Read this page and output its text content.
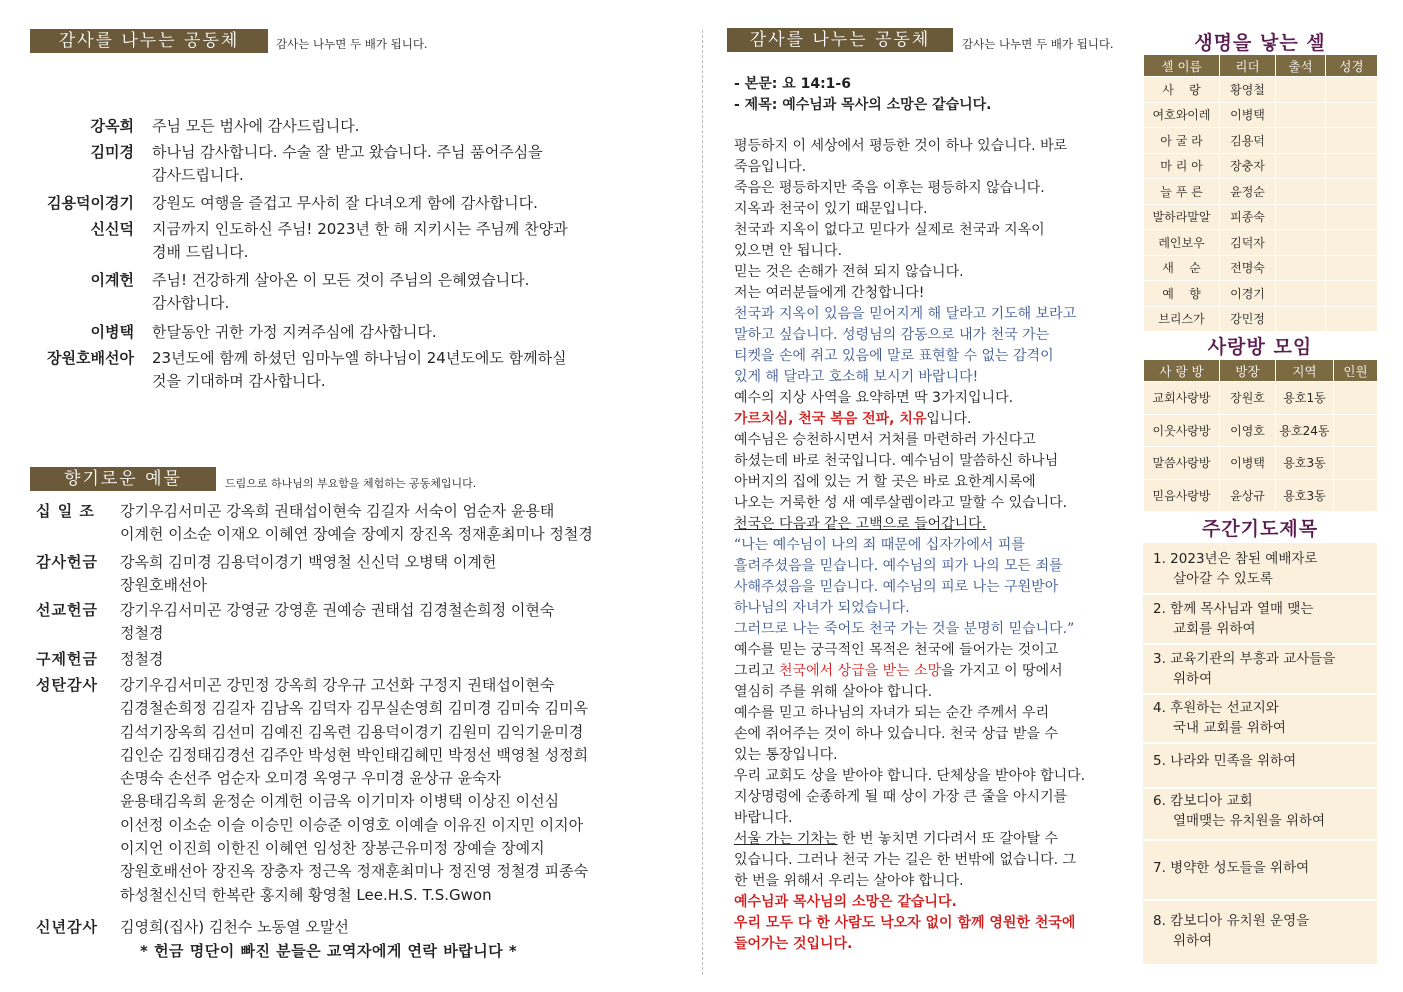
감사를 나누는 공동체	감사는 나누면 두 배가 됩니다.
강옥희 주님 모든 범사에 감사드립니다.
김미경 하나님 감사합니다. 수술 잘 받고 왔습니다. 주님 품어주심을
감사드립니다.
김용덕이경기 강원도 여행을 즐겁고 무사히 잘 다녀오게 함에 감사합니다.
신신덕 지금까지 인도하신 주님! 2023년 한 해 지키시는 주님께 찬양과
경배 드립니다.
이계헌 주님! 건강하게 살아온 이 모든 것이 주님의 은혜였습니다.
감사합니다.
이병택 한달동안 귀한 가정 지켜주심에 감사합니다.
장원호배선아 23년도에 함께 하셨던 임마누엘 하나님이 24년도에도 함께하실
것을 기대하며 감사합니다.
향기로운 예물	드림으로 하나님의 부요함을 체험하는 공동체입니다.
십 일 조	강기우김서미곤 강옥희 권태섭이현숙 김길자 서숙이 엄순자 윤용태
이계헌 이소순 이재오 이혜연 장예슬 장예지 장진옥 정재훈최미나 정철경
감사헌금	강옥희 김미경 김용덕이경기 백영철 신신덕 오병택 이계헌
장원호배선아
선교헌금	강기우김서미곤 강영균 강영훈 권예승 권태섭 김경철손희정 이현숙
정철경
구제헌금	정철경
성탄감사	강기우김서미곤 강민정 강옥희 강우규 고선화 구정지 권태섭이현숙
김경철손희정 김길자 김남옥 김덕자 김무실손영희 김미경 김미숙 김미옥
김석기장옥희 김선미 김예진 김옥련 김용덕이경기 김원미 김익기윤미경
김인순 김정태김경선 김주안 박성현 박인태김혜민 박정선 백영철 성정희
손명숙 손선주 엄순자 오미경 옥영구 우미경 윤상규 윤숙자
윤용태김옥희 윤정순 이계헌 이금옥 이기미자 이병택 이상진 이선심
이선정 이소순 이슬 이승민 이승준 이영호 이예슬 이유진 이지민 이지아
이지언 이진희 이한진 이혜연 임성찬 장봉근유미정 장예슬 장예지
장원호배선아 장진옥 장충자 정근옥 정재훈최미나 정진영 정철경 피종숙
하성철신신덕 한복란 홍지혜 황영철 Lee.H.S. T.S.Gwon
신년감사	김영희(집사) 김천수 노동열 오말선
* 헌금 명단이 빠진 분들은 교역자에게 연락 바랍니다 *
감사를 나누는 공동체	감사는 나누면 두 배가 됩니다.
- 본문: 요 14:1-6
- 제목: 예수님과 목사의 소망은 같습니다.
평등하지 이 세상에서 평등한 것이 하나 있습니다. 바로
죽음입니다.
죽음은 평등하지만 죽음 이후는 평등하지 않습니다.
지옥과 천국이 있기 때문입니다.
천국과 지옥이 없다고 믿다가 실제로 천국과 지옥이
있으면 안 됩니다.
믿는 것은 손해가 전혀 되지 않습니다.
저는 여러분들에게 간청합니다!
천국과 지옥이 있음을 믿어지게 해 달라고 기도해 보라고
말하고 싶습니다. 성령님의 감동으로 내가 천국 가는
티켓을 손에 쥐고 있음에 말로 표현할 수 없는 감격이
있게 해 달라고 호소해 보시기 바랍니다!
예수의 지상 사역을 요약하면 딱 3가지입니다.
가르치심, 천국 복음 전파, 치유입니다.
예수님은 승천하시면서 거처를 마련하러 가신다고
하셨는데 바로 천국입니다. 예수님이 말씀하신 하나님
아버지의 집에 있는 거 할 곳은 바로 요한계시록에
나오는 거룩한 성 새 예루살렘이라고 말할 수 있습니다.
천국은 다음과 같은 고백으로 들어갑니다.
“나는 예수님이 나의 죄 때문에 십자가에서 피를
흘려주셨음을 믿습니다. 예수님의 피가 나의 모든 죄를
사해주셨음을 믿습니다. 예수님의 피로 나는 구원받아
하나님의 자녀가 되었습니다.
그러므로 나는 죽어도 천국 가는 것을 분명히 믿습니다.”
예수를 믿는 궁극적인 목적은 천국에 들어가는 것이고
그리고 천국에서 상급을 받는 소망을 가지고 이 땅에서
열심히 주를 위해 살아야 합니다.
예수를 믿고 하나님의 자녀가 되는 순간 주께서 우리
손에 쥐어주는 것이 하나 있습니다. 천국 상급 받을 수
있는 통장입니다.
우리 교회도 상을 받아야 합니다. 단체상을 받아야 합니다.
지상명령에 순종하게 될 때 상이 가장 큰 줄을 아시기를
바랍니다.
서울 가는 기차는 한 번 놓치면 기다려서 또 갈아탈 수
있습니다. 그러나 천국 가는 길은 한 번밖에 없습니다. 그
한 번을 위해서 우리는 살아야 합니다.
예수님과 목사님의 소망은 같습니다.
우리 모두 다 한 사람도 낙오자 없이 함께 영원한 천국에
들어가는 것입니다.
생명을 낳는 셀
셀 이름	리더	출석	성경
사    랑	황영철		
여호와이레	이병택		
아 굴 라	김용덕		
마 리 아	장충자		
늘 푸 른	윤정순		
발하라말알	피종숙		
레인보우	김덕자		
새    순	전명숙		
예    향	이경기		
브리스가	강민정		
사랑방 모임
사 랑 방	방장	지역	인원
교회사랑방	장원호	용호1동	
이웃사랑방	이영호	용호24동	
말씀사랑방	이병택	용호3동	
믿음사랑방	윤상규	용호3동	
주간기도제목
1. 2023년은 참된 예배자로
살아갈 수 있도록
2. 함께 목사님과 열매 맺는
교회를 위하여
3. 교육기관의 부흥과 교사들을
위하여
4. 후원하는 선교지와
국내 교회를 위하여
5. 나라와 민족을 위하여
6. 캄보디아 교회
열매맺는 유치원을 위하여
7. 병약한 성도들을 위하여
8. 캄보디아 유치원 운영을
위하여
